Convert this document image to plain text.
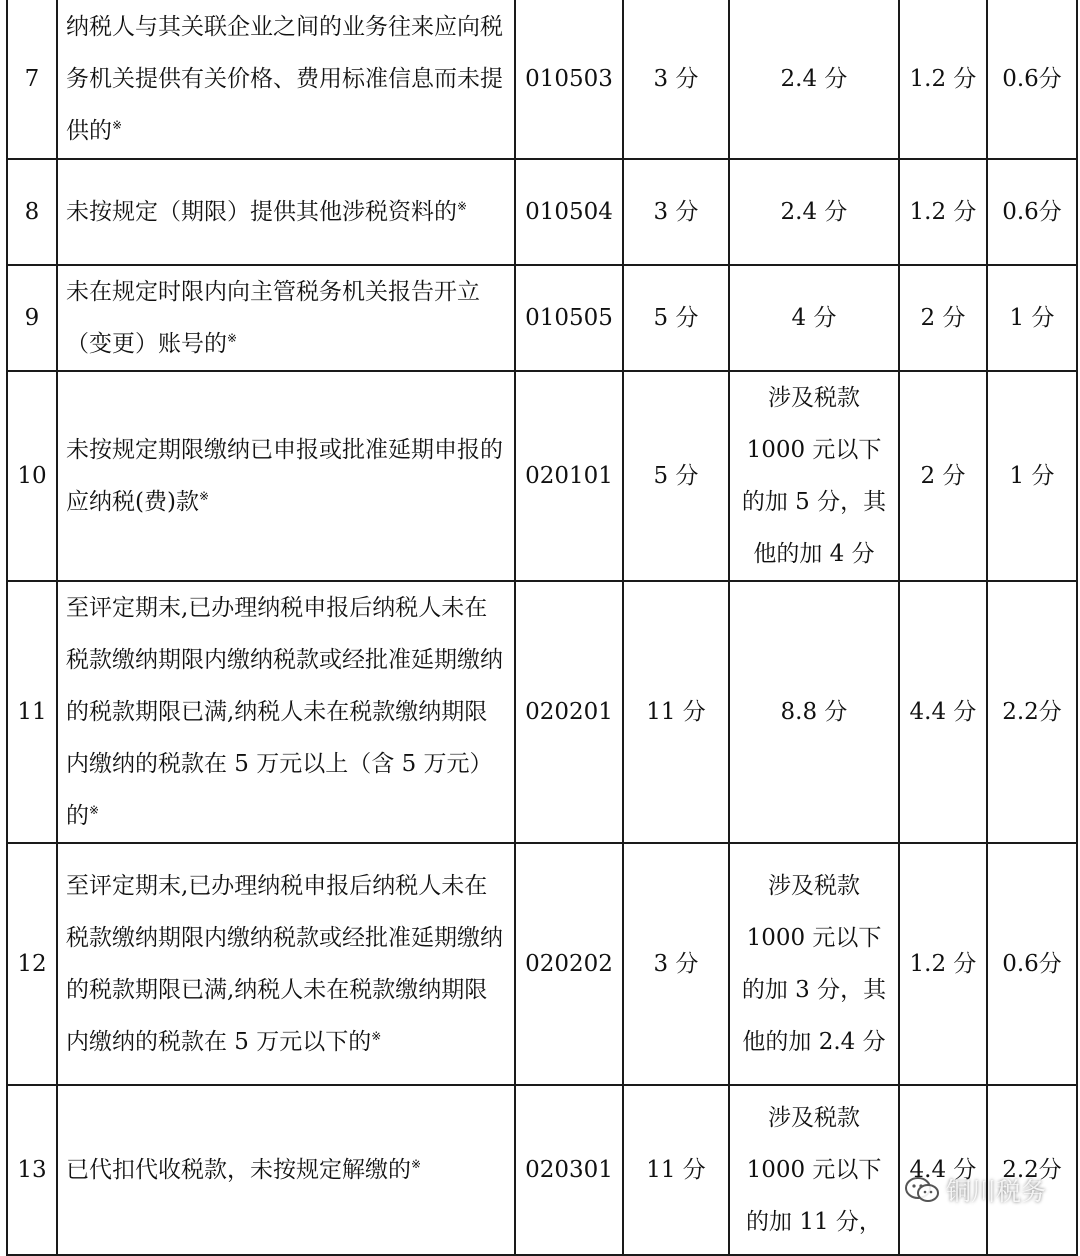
7	纳税人与其关联企业之间的业务往来应向税务机关提供有关价格、费用标准信息而未提供的※	010503	3 分	2.4 分	1.2 分	0.6分
8	未按规定（期限）提供其他涉税资料的※	010504	3 分	2.4 分	1.2 分	0.6分
9	未在规定时限内向主管税务机关报告开立（变更）账号的※	010505	5 分	4 分	2 分	1 分
10	未按规定期限缴纳已申报或批准延期申报的应纳税(费)款※	020101	5 分	涉及税款 1000 元以下的加 5 分，其他的加 4 分	2 分	1 分
11	至评定期末,已办理纳税申报后纳税人未在税款缴纳期限内缴纳税款或经批准延期缴纳的税款期限已满,纳税人未在税款缴纳期限内缴纳的税款在 5 万元以上（含 5 万元）的※	020201	11 分	8.8 分	4.4 分	2.2分
12	至评定期末,已办理纳税申报后纳税人未在税款缴纳期限内缴纳税款或经批准延期缴纳的税款期限已满,纳税人未在税款缴纳期限内缴纳的税款在 5 万元以下的※	020202	3 分	涉及税款 1000 元以下的加 3 分，其他的加 2.4 分	1.2 分	0.6分
13	已代扣代收税款，未按规定解缴的※	020301	11 分	涉及税款 1000 元以下的加 11 分，	4.4 分	2.2分
铜川税务
